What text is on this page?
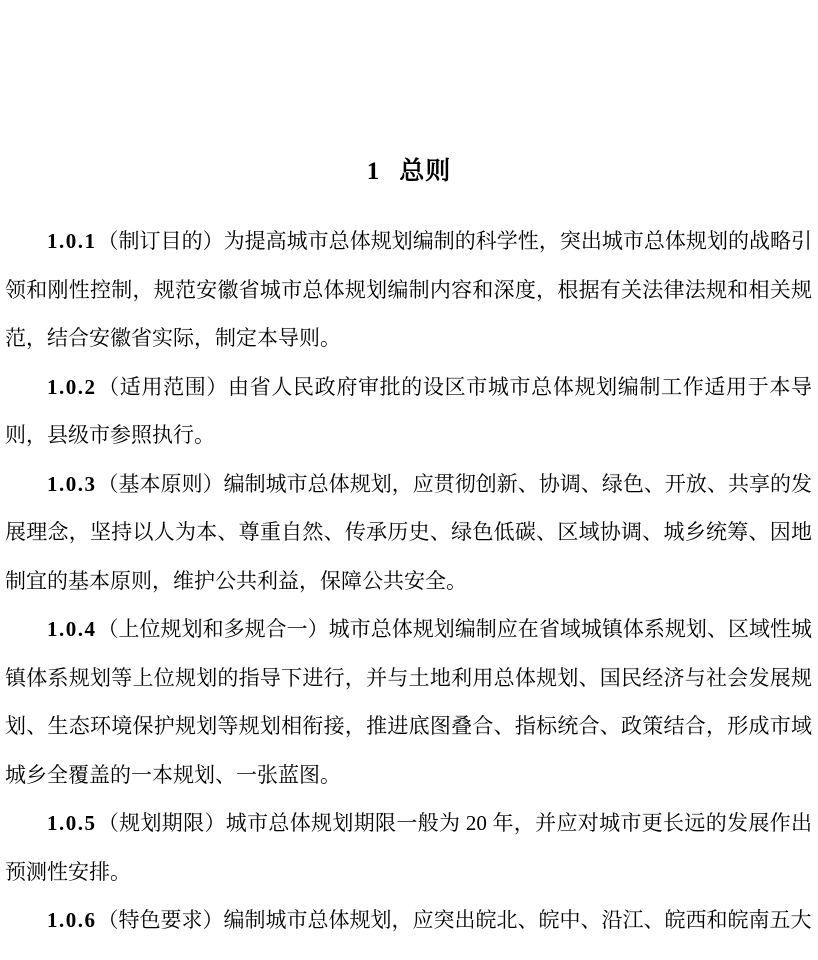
1 总则

1.0.1（制订目的）为提高城市总体规划编制的科学性，突出城市总体规划的战略引领和刚性控制，规范安徽省城市总体规划编制内容和深度，根据有关法律法规和相关规范，结合安徽省实际，制定本导则。

1.0.2（适用范围）由省人民政府审批的设区市城市总体规划编制工作适用于本导则，县级市参照执行。

1.0.3（基本原则）编制城市总体规划，应贯彻创新、协调、绿色、开放、共享的发展理念，坚持以人为本、尊重自然、传承历史、绿色低碳、区域协调、城乡统筹、因地制宜的基本原则，维护公共利益，保障公共安全。

1.0.4（上位规划和多规合一）城市总体规划编制应在省域城镇体系规划、区域性城镇体系规划等上位规划的指导下进行，并与土地利用总体规划、国民经济与社会发展规划、生态环境保护规划等规划相衔接，推进底图叠合、指标统合、政策结合，形成市域城乡全覆盖的一本规划、一张蓝图。

1.0.5（规划期限）城市总体规划期限一般为 20 年，并应对城市更长远的发展作出预测性安排。

1.0.6（特色要求）编制城市总体规划，应突出皖北、皖中、沿江、皖西和皖南五大
